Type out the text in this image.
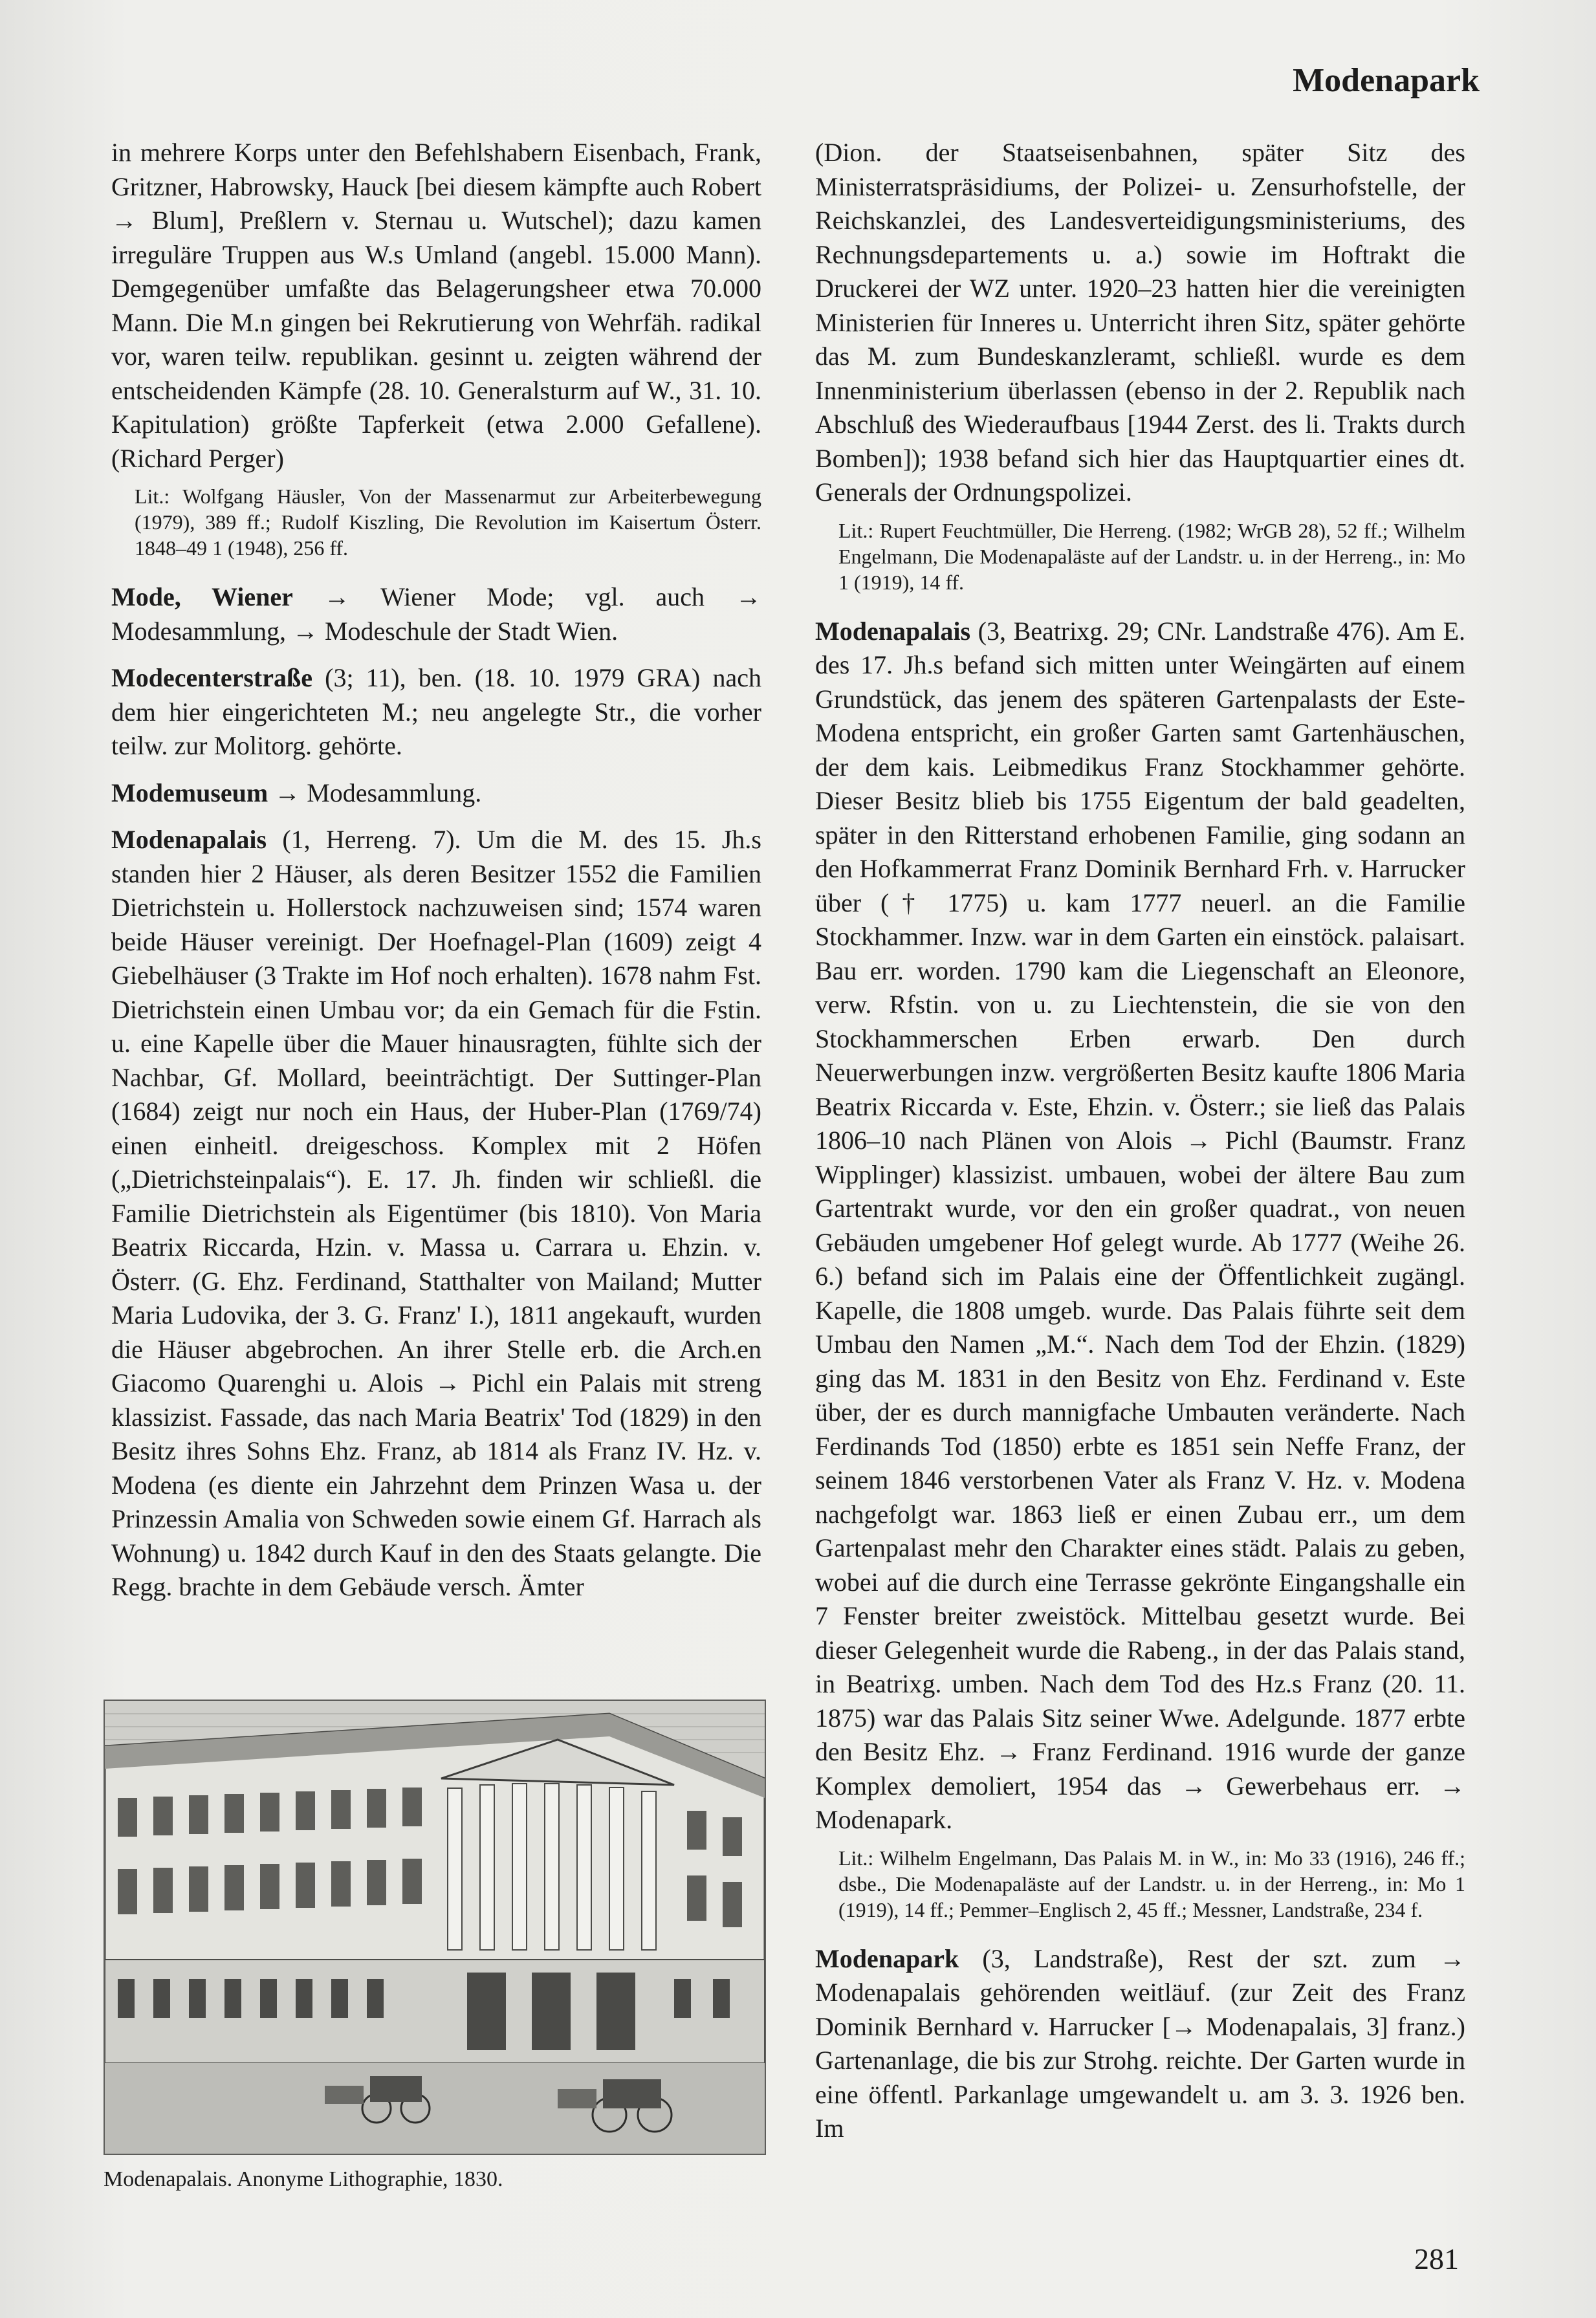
Modenapark

in mehrere Korps unter den Befehlshabern Eisenbach, Frank, Gritzner, Habrowsky, Hauck [bei diesem kämpfte auch Robert → Blum], Preßlern v. Sternau u. Wutschel); dazu kamen irreguläre Truppen aus W.s Umland (angebl. 15.000 Mann). Demgegenüber umfaßte das Belagerungsheer etwa 70.000 Mann. Die M.n gingen bei Rekrutierung von Wehrfäh. radikal vor, waren teilw. republikan. gesinnt u. zeigten während der entscheidenden Kämpfe (28. 10. Generalsturm auf W., 31. 10. Kapitulation) größte Tapferkeit (etwa 2.000 Gefallene). (Richard Perger)

Lit.: Wolfgang Häusler, Von der Massenarmut zur Arbeiterbewegung (1979), 389 ff.; Rudolf Kiszling, Die Revolution im Kaisertum Österr. 1848–49 1 (1948), 256 ff.

Mode, Wiener → Wiener Mode; vgl. auch → Modesammlung, → Modeschule der Stadt Wien.

Modecenterstraße (3; 11), ben. (18. 10. 1979 GRA) nach dem hier eingerichteten M.; neu angelegte Str., die vorher teilw. zur Molitorg. gehörte.

Modemuseum → Modesammlung.

Modenapalais (1, Herreng. 7). Um die M. des 15. Jh.s standen hier 2 Häuser, als deren Besitzer 1552 die Familien Dietrichstein u. Hollerstock nachzuweisen sind; 1574 waren beide Häuser vereinigt. Der Hoefnagel-Plan (1609) zeigt 4 Giebelhäuser (3 Trakte im Hof noch erhalten). 1678 nahm Fst. Dietrichstein einen Umbau vor; da ein Gemach für die Fstin. u. eine Kapelle über die Mauer hinausragten, fühlte sich der Nachbar, Gf. Mollard, beeinträchtigt. Der Suttinger-Plan (1684) zeigt nur noch ein Haus, der Huber-Plan (1769/74) einen einheitl. dreigeschoss. Komplex mit 2 Höfen („Dietrichsteinpalais“). E. 17. Jh. finden wir schließl. die Familie Dietrichstein als Eigentümer (bis 1810). Von Maria Beatrix Riccarda, Hzin. v. Massa u. Carrara u. Ehzin. v. Österr. (G. Ehz. Ferdinand, Statthalter von Mailand; Mutter Maria Ludovika, der 3. G. Franz' I.), 1811 angekauft, wurden die Häuser abgebrochen. An ihrer Stelle erb. die Arch.en Giacomo Quarenghi u. Alois → Pichl ein Palais mit streng klassizist. Fassade, das nach Maria Beatrix' Tod (1829) in den Besitz ihres Sohns Ehz. Franz, ab 1814 als Franz IV. Hz. v. Modena (es diente ein Jahrzehnt dem Prinzen Wasa u. der Prinzessin Amalia von Schweden sowie einem Gf. Harrach als Wohnung) u. 1842 durch Kauf in den des Staats gelangte. Die Regg. brachte in dem Gebäude versch. Ämter

Modenapalais. Anonyme Lithographie, 1830.

(Dion. der Staatseisenbahnen, später Sitz des Ministerratspräsidiums, der Polizei- u. Zensurhofstelle, der Reichskanzlei, des Landesverteidigungsministeriums, des Rechnungsdepartements u. a.) sowie im Hoftrakt die Druckerei der WZ unter. 1920–23 hatten hier die vereinigten Ministerien für Inneres u. Unterricht ihren Sitz, später gehörte das M. zum Bundeskanzleramt, schließl. wurde es dem Innenministerium überlassen (ebenso in der 2. Republik nach Abschluß des Wiederaufbaus [1944 Zerst. des li. Trakts durch Bomben]); 1938 befand sich hier das Hauptquartier eines dt. Generals der Ordnungspolizei.

Lit.: Rupert Feuchtmüller, Die Herreng. (1982; WrGB 28), 52 ff.; Wilhelm Engelmann, Die Modenapaläste auf der Landstr. u. in der Herreng., in: Mo 1 (1919), 14 ff.

Modenapalais (3, Beatrixg. 29; CNr. Landstraße 476). Am E. des 17. Jh.s befand sich mitten unter Weingärten auf einem Grundstück, das jenem des späteren Gartenpalasts der Este-Modena entspricht, ein großer Garten samt Gartenhäuschen, der dem kais. Leibmedikus Franz Stockhammer gehörte. Dieser Besitz blieb bis 1755 Eigentum der bald geadelten, später in den Ritterstand erhobenen Familie, ging sodann an den Hofkammerrat Franz Dominik Bernhard Frh. v. Harrucker über († 1775) u. kam 1777 neuerl. an die Familie Stockhammer. Inzw. war in dem Garten ein einstöck. palaisart. Bau err. worden. 1790 kam die Liegenschaft an Eleonore, verw. Rfstin. von u. zu Liechtenstein, die sie von den Stockhammerschen Erben erwarb. Den durch Neuerwerbungen inzw. vergrößerten Besitz kaufte 1806 Maria Beatrix Riccarda v. Este, Ehzin. v. Österr.; sie ließ das Palais 1806–10 nach Plänen von Alois → Pichl (Baumstr. Franz Wipplinger) klassizist. umbauen, wobei der ältere Bau zum Gartentrakt wurde, vor den ein großer quadrat., von neuen Gebäuden umgebener Hof gelegt wurde. Ab 1777 (Weihe 26. 6.) befand sich im Palais eine der Öffentlichkeit zugängl. Kapelle, die 1808 umgeb. wurde. Das Palais führte seit dem Umbau den Namen „M.“. Nach dem Tod der Ehzin. (1829) ging das M. 1831 in den Besitz von Ehz. Ferdinand v. Este über, der es durch mannigfache Umbauten veränderte. Nach Ferdinands Tod (1850) erbte es 1851 sein Neffe Franz, der seinem 1846 verstorbenen Vater als Franz V. Hz. v. Modena nachgefolgt war. 1863 ließ er einen Zubau err., um dem Gartenpalast mehr den Charakter eines städt. Palais zu geben, wobei auf die durch eine Terrasse gekrönte Eingangshalle ein 7 Fenster breiter zweistöck. Mittelbau gesetzt wurde. Bei dieser Gelegenheit wurde die Rabeng., in der das Palais stand, in Beatrixg. umben. Nach dem Tod des Hz.s Franz (20. 11. 1875) war das Palais Sitz seiner Wwe. Adelgunde. 1877 erbte den Besitz Ehz. → Franz Ferdinand. 1916 wurde der ganze Komplex demoliert, 1954 das → Gewerbehaus err. → Modenapark.

Lit.: Wilhelm Engelmann, Das Palais M. in W., in: Mo 33 (1916), 246 ff.; dsbe., Die Modenapaläste auf der Landstr. u. in der Herreng., in: Mo 1 (1919), 14 ff.; Pemmer–Englisch 2, 45 ff.; Messner, Landstraße, 234 f.

Modenapark (3, Landstraße), Rest der szt. zum → Modenapalais gehörenden weitläuf. (zur Zeit des Franz Dominik Bernhard v. Harrucker [→ Modenapalais, 3] franz.) Gartenanlage, die bis zur Strohg. reichte. Der Garten wurde in eine öffentl. Parkanlage umgewandelt u. am 3. 3. 1926 ben. Im

281
